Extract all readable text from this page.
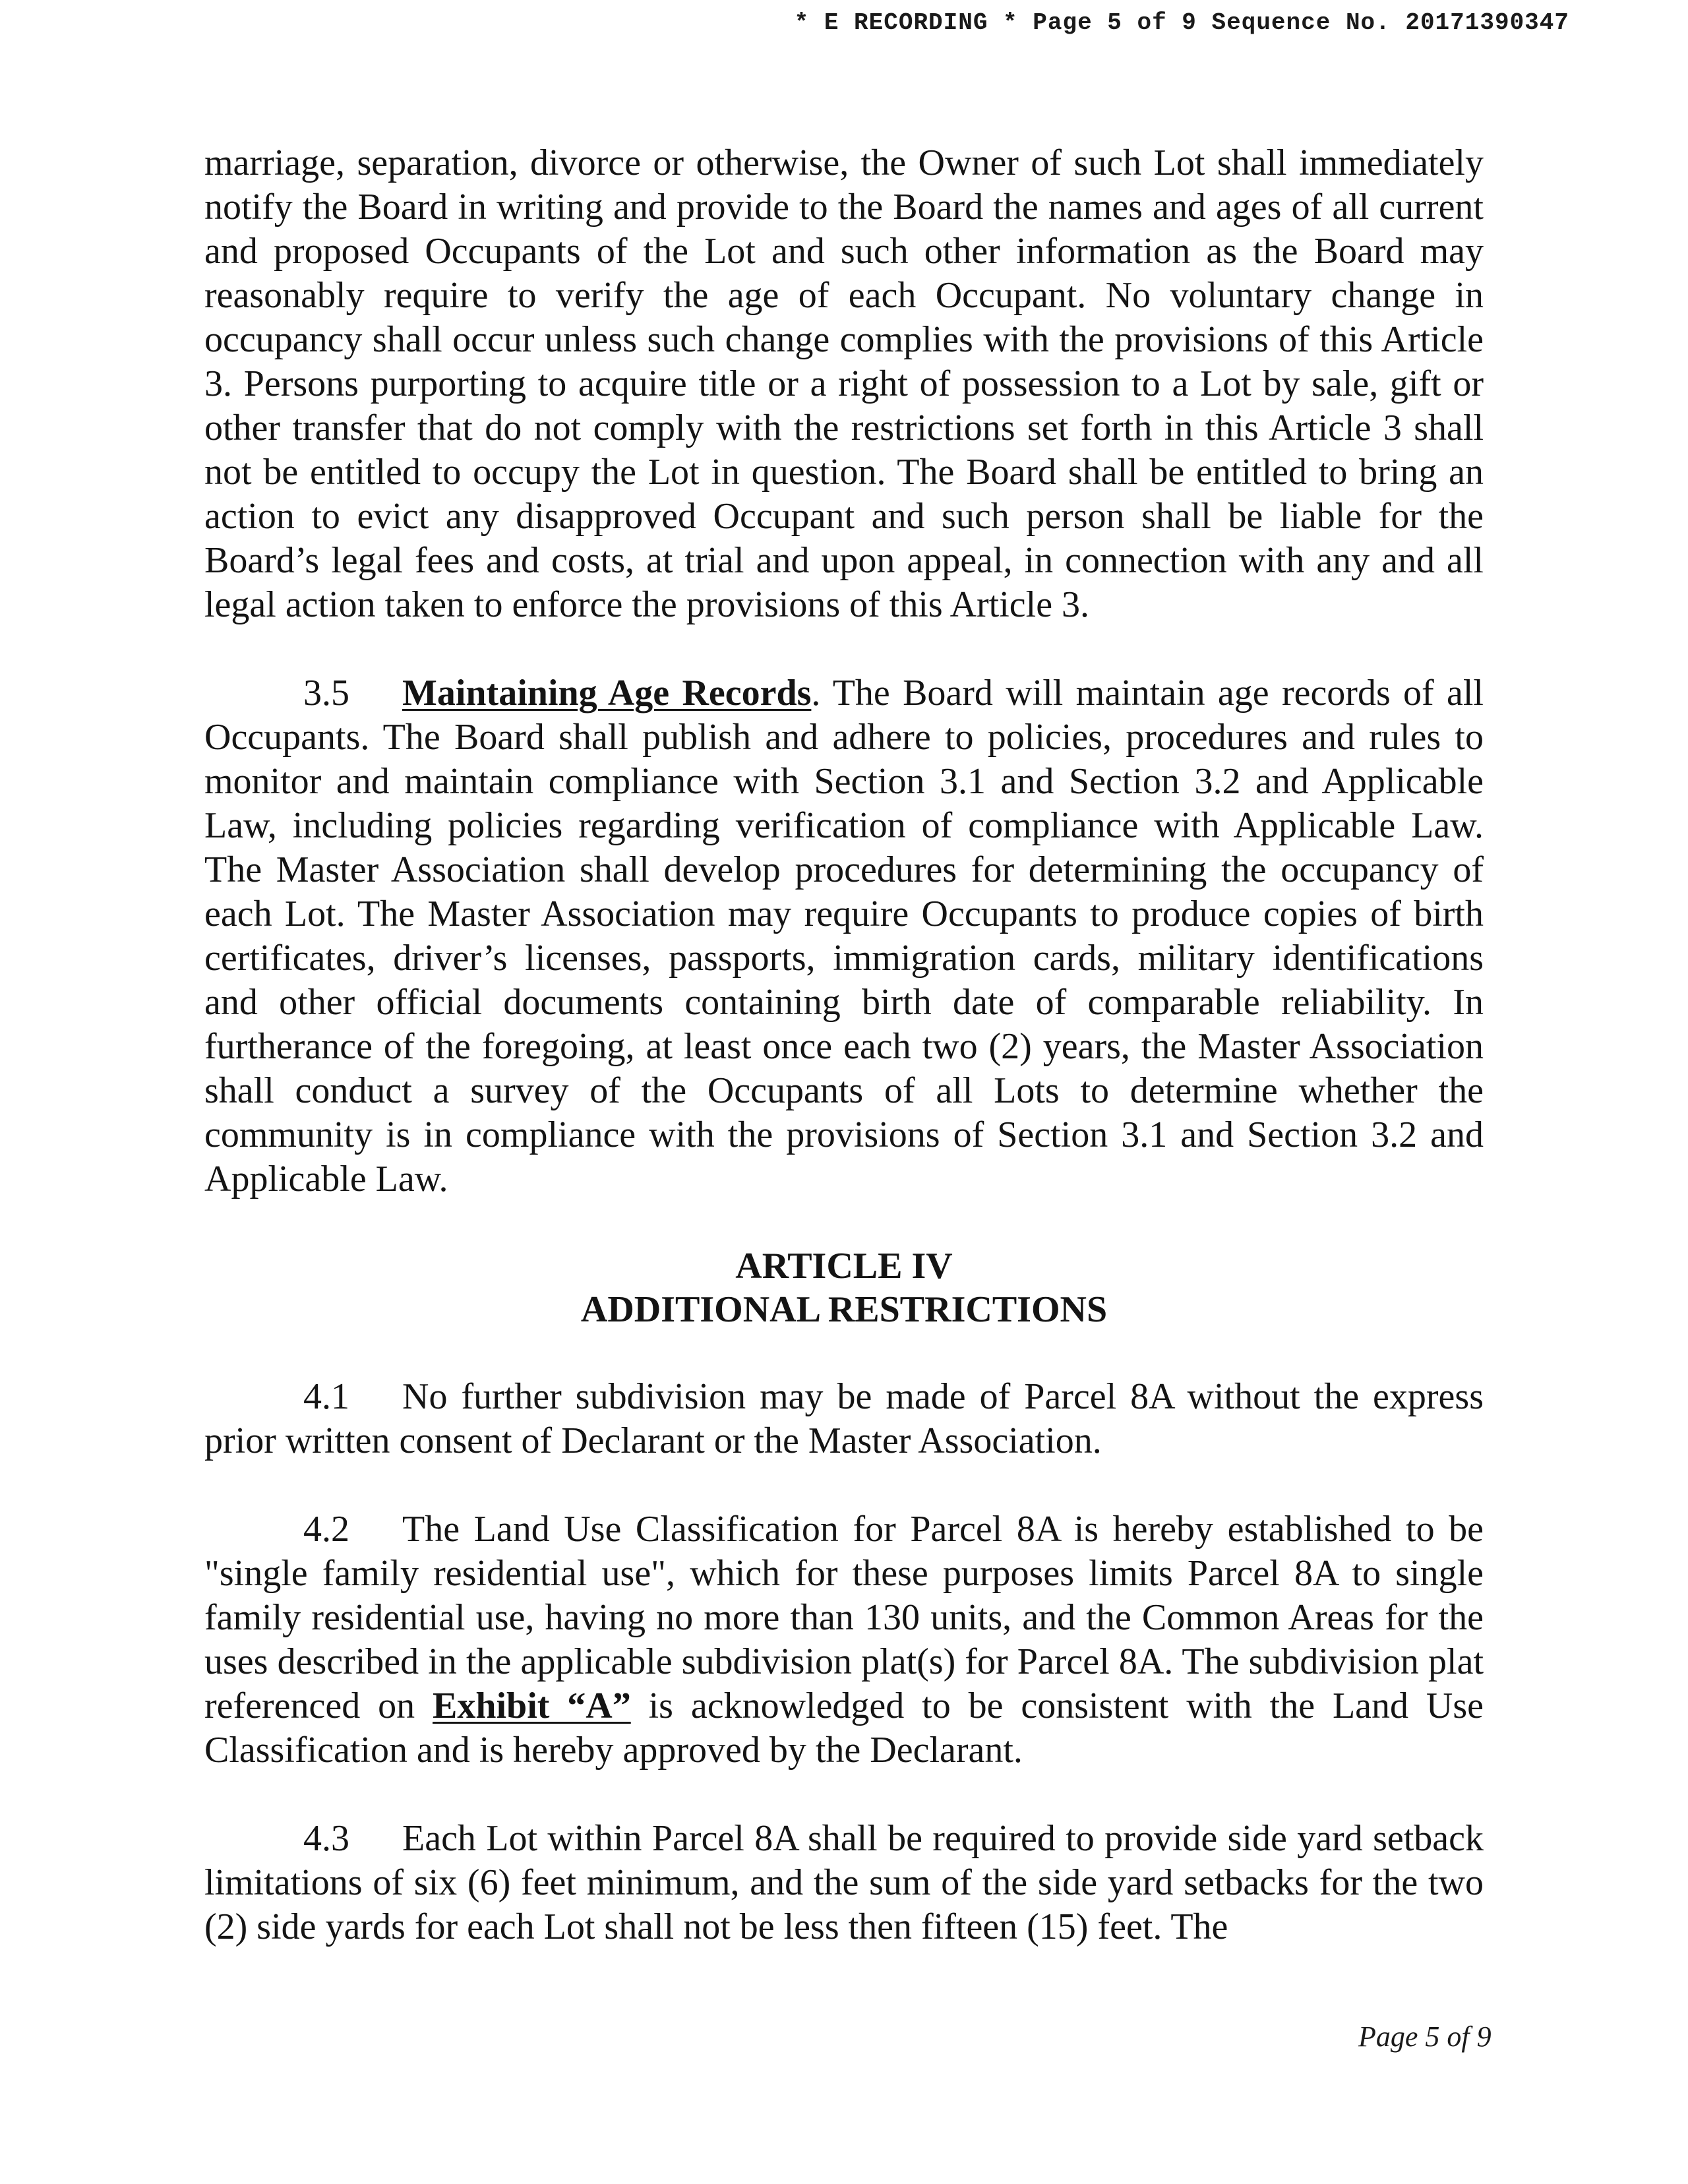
* E RECORDING * Page 5 of 9 Sequence No. 20171390347

marriage, separation, divorce or otherwise, the Owner of such Lot shall immediately notify the Board in writing and provide to the Board the names and ages of all current and proposed Occupants of the Lot and such other information as the Board may reasonably require to verify the age of each Occupant. No voluntary change in occupancy shall occur unless such change complies with the provisions of this Article 3. Persons purporting to acquire title or a right of possession to a Lot by sale, gift or other transfer that do not comply with the restrictions set forth in this Article 3 shall not be entitled to occupy the Lot in question. The Board shall be entitled to bring an action to evict any disapproved Occupant and such person shall be liable for the Board’s legal fees and costs, at trial and upon appeal, in connection with any and all legal action taken to enforce the provisions of this Article 3.

3.5 Maintaining Age Records. The Board will maintain age records of all Occupants. The Board shall publish and adhere to policies, procedures and rules to monitor and maintain compliance with Section 3.1 and Section 3.2 and Applicable Law, including policies regarding verification of compliance with Applicable Law. The Master Association shall develop procedures for determining the occupancy of each Lot. The Master Association may require Occupants to produce copies of birth certificates, driver’s licenses, passports, immigration cards, military identifications and other official documents containing birth date of comparable reliability. In furtherance of the foregoing, at least once each two (2) years, the Master Association shall conduct a survey of the Occupants of all Lots to determine whether the community is in compliance with the provisions of Section 3.1 and Section 3.2 and Applicable Law.

ARTICLE IV
ADDITIONAL RESTRICTIONS

4.1 No further subdivision may be made of Parcel 8A without the express prior written consent of Declarant or the Master Association.

4.2 The Land Use Classification for Parcel 8A is hereby established to be "single family residential use", which for these purposes limits Parcel 8A to single family residential use, having no more than 130 units, and the Common Areas for the uses described in the applicable subdivision plat(s) for Parcel 8A. The subdivision plat referenced on Exhibit “A” is acknowledged to be consistent with the Land Use Classification and is hereby approved by the Declarant.

4.3 Each Lot within Parcel 8A shall be required to provide side yard setback limitations of six (6) feet minimum, and the sum of the side yard setbacks for the two (2) side yards for each Lot shall not be less then fifteen (15) feet. The

Page 5 of 9
